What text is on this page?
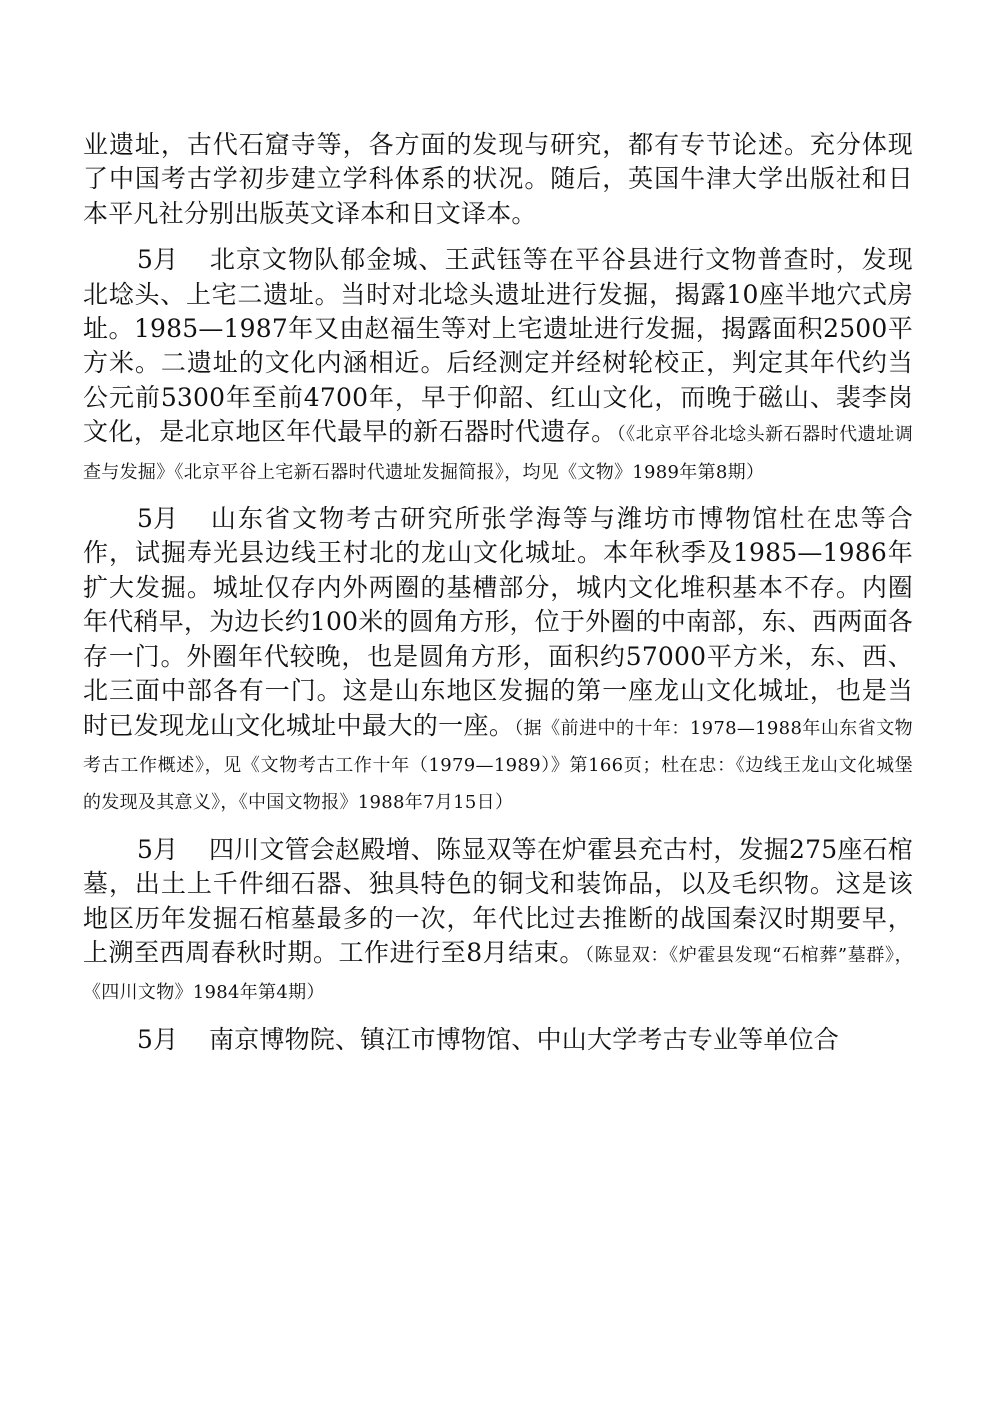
业遗址，古代石窟寺等，各方面的发现与研究，都有专节论述。充分体现了中国考古学初步建立学科体系的状况。随后，英国牛津大学出版社和日本平凡社分别出版英文译本和日文译本。

5月 北京文物队郁金城、王武钰等在平谷县进行文物普查时，发现北埝头、上宅二遗址。当时对北埝头遗址进行发掘，揭露10座半地穴式房址。1985—1987年又由赵福生等对上宅遗址进行发掘，揭露面积2500平方米。二遗址的文化内涵相近。后经测定并经树轮校正，判定其年代约当公元前5300年至前4700年，早于仰韶、红山文化，而晚于磁山、裴李岗文化，是北京地区年代最早的新石器时代遗存。（《北京平谷北埝头新石器时代遗址调查与发掘》《北京平谷上宅新石器时代遗址发掘简报》，均见《文物》1989年第8期）

5月 山东省文物考古研究所张学海等与潍坊市博物馆杜在忠等合作，试掘寿光县边线王村北的龙山文化城址。本年秋季及1985—1986年扩大发掘。城址仅存内外两圈的基槽部分，城内文化堆积基本不存。内圈年代稍早，为边长约100米的圆角方形，位于外圈的中南部，东、西两面各存一门。外圈年代较晚，也是圆角方形，面积约57000平方米，东、西、北三面中部各有一门。这是山东地区发掘的第一座龙山文化城址，也是当时已发现龙山文化城址中最大的一座。（据《前进中的十年：1978—1988年山东省文物考古工作概述》，见《文物考古工作十年（1979—1989）》第166页；杜在忠：《边线王龙山文化城堡的发现及其意义》，《中国文物报》1988年7月15日）

5月 四川文管会赵殿增、陈显双等在炉霍县充古村，发掘275座石棺墓，出土上千件细石器、独具特色的铜戈和装饰品，以及毛织物。这是该地区历年发掘石棺墓最多的一次，年代比过去推断的战国秦汉时期要早，上溯至西周春秋时期。工作进行至8月结束。（陈显双：《炉霍县发现“石棺葬”墓群》，《四川文物》1984年第4期）

5月 南京博物院、镇江市博物馆、中山大学考古专业等单位合
